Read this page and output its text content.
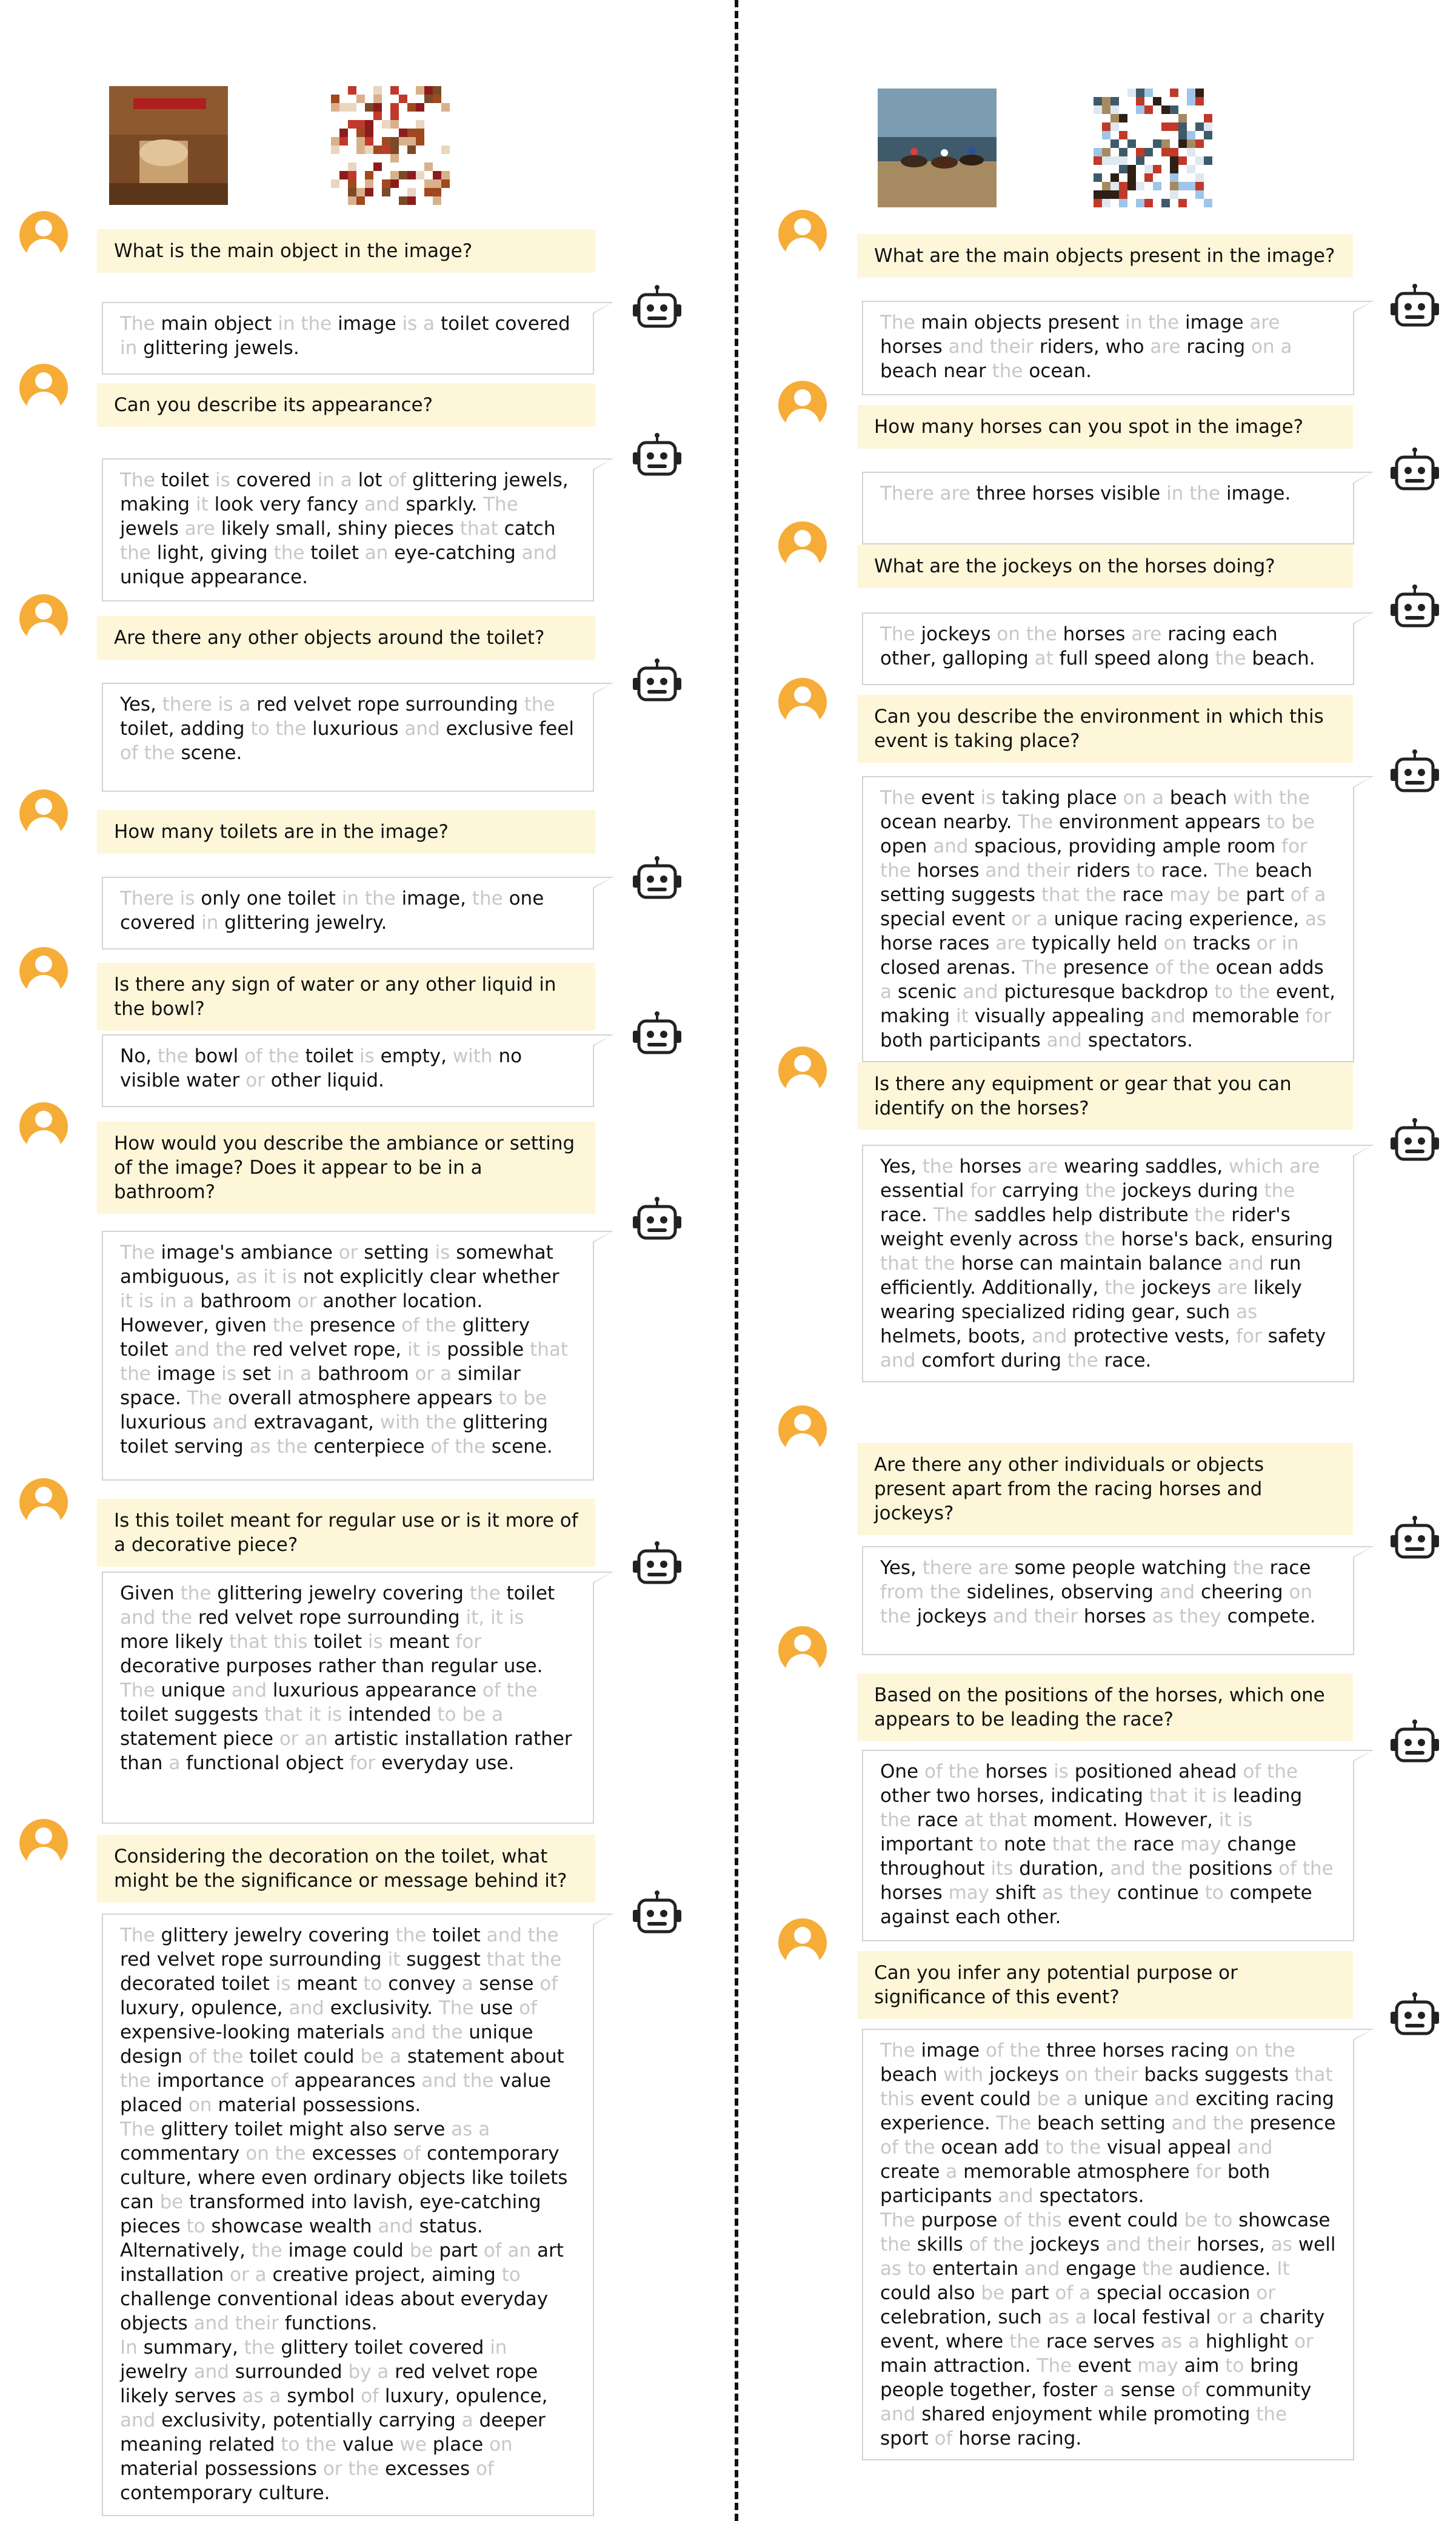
What is the main object in the image?
The main object in the image is a toilet covered in glittering jewels.
Can you describe its appearance?
The toilet is covered in a lot of glittering jewels, making it look very fancy and sparkly. The jewels are likely small, shiny pieces that catch the light, giving the toilet an eye-catching and unique appearance.
Are there any other objects around the toilet?
Yes, there is a red velvet rope surrounding the toilet, adding to the luxurious and exclusive feel of the scene.
How many toilets are in the image?
There is only one toilet in the image, the one covered in glittering jewelry.
Is there any sign of water or any other liquid in the bowl?
No, the bowl of the toilet is empty, with no visible water or other liquid.
How would you describe the ambiance or setting of the image? Does it appear to be in a bathroom?
The image's ambiance or setting is somewhat ambiguous, as it is not explicitly clear whether it is in a bathroom or another location. However, given the presence of the glittery toilet and the red velvet rope, it is possible that the image is set in a bathroom or a similar space. The overall atmosphere appears to be luxurious and extravagant, with the glittering toilet serving as the centerpiece of the scene.
Is this toilet meant for regular use or is it more of a decorative piece?
Given the glittering jewelry covering the toilet and the red velvet rope surrounding it, it is more likely that this toilet is meant for decorative purposes rather than regular use. The unique and luxurious appearance of the toilet suggests that it is intended to be a statement piece or an artistic installation rather than a functional object for everyday use.
Considering the decoration on the toilet, what might be the significance or message behind it?
The glittery jewelry covering the toilet and the red velvet rope surrounding it suggest that the decorated toilet is meant to convey a sense of luxury, opulence, and exclusivity. The use of expensive-looking materials and the unique design of the toilet could be a statement about the importance of appearances and the value placed on material possessions.
The glittery toilet might also serve as a commentary on the excesses of contemporary culture, where even ordinary objects like toilets can be transformed into lavish, eye-catching pieces to showcase wealth and status. Alternatively, the image could be part of an art installation or a creative project, aiming to challenge conventional ideas about everyday objects and their functions.
In summary, the glittery toilet covered in jewelry and surrounded by a red velvet rope likely serves as a symbol of luxury, opulence, and exclusivity, potentially carrying a deeper meaning related to the value we place on material possessions or the excesses of contemporary culture.
What are the main objects present in the image?
The main objects present in the image are horses and their riders, who are racing on a beach near the ocean.
How many horses can you spot in the image?
There are three horses visible in the image.
What are the jockeys on the horses doing?
The jockeys on the horses are racing each other, galloping at full speed along the beach.
Can you describe the environment in which this event is taking place?
The event is taking place on a beach with the ocean nearby. The environment appears to be open and spacious, providing ample room for the horses and their riders to race. The beach setting suggests that the race may be part of a special event or a unique racing experience, as horse races are typically held on tracks or in closed arenas. The presence of the ocean adds a scenic and picturesque backdrop to the event, making it visually appealing and memorable for both participants and spectators.
Is there any equipment or gear that you can identify on the horses?
Yes, the horses are wearing saddles, which are essential for carrying the jockeys during the race. The saddles help distribute the rider's weight evenly across the horse's back, ensuring that the horse can maintain balance and run efficiently. Additionally, the jockeys are likely wearing specialized riding gear, such as helmets, boots, and protective vests, for safety and comfort during the race.
Are there any other individuals or objects present apart from the racing horses and jockeys?
Yes, there are some people watching the race from the sidelines, observing and cheering on the jockeys and their horses as they compete.
Based on the positions of the horses, which one appears to be leading the race?
One of the horses is positioned ahead of the other two horses, indicating that it is leading the race at that moment. However, it is important to note that the race may change throughout its duration, and the positions of the horses may shift as they continue to compete against each other.
Can you infer any potential purpose or significance of this event?
The image of the three horses racing on the beach with jockeys on their backs suggests that this event could be a unique and exciting racing experience. The beach setting and the presence of the ocean add to the visual appeal and create a memorable atmosphere for both participants and spectators.
The purpose of this event could be to showcase the skills of the jockeys and their horses, as well as to entertain and engage the audience. It could also be part of a special occasion or celebration, such as a local festival or a charity event, where the race serves as a highlight or main attraction. The event may aim to bring people together, foster a sense of community and shared enjoyment while promoting the sport of horse racing.
